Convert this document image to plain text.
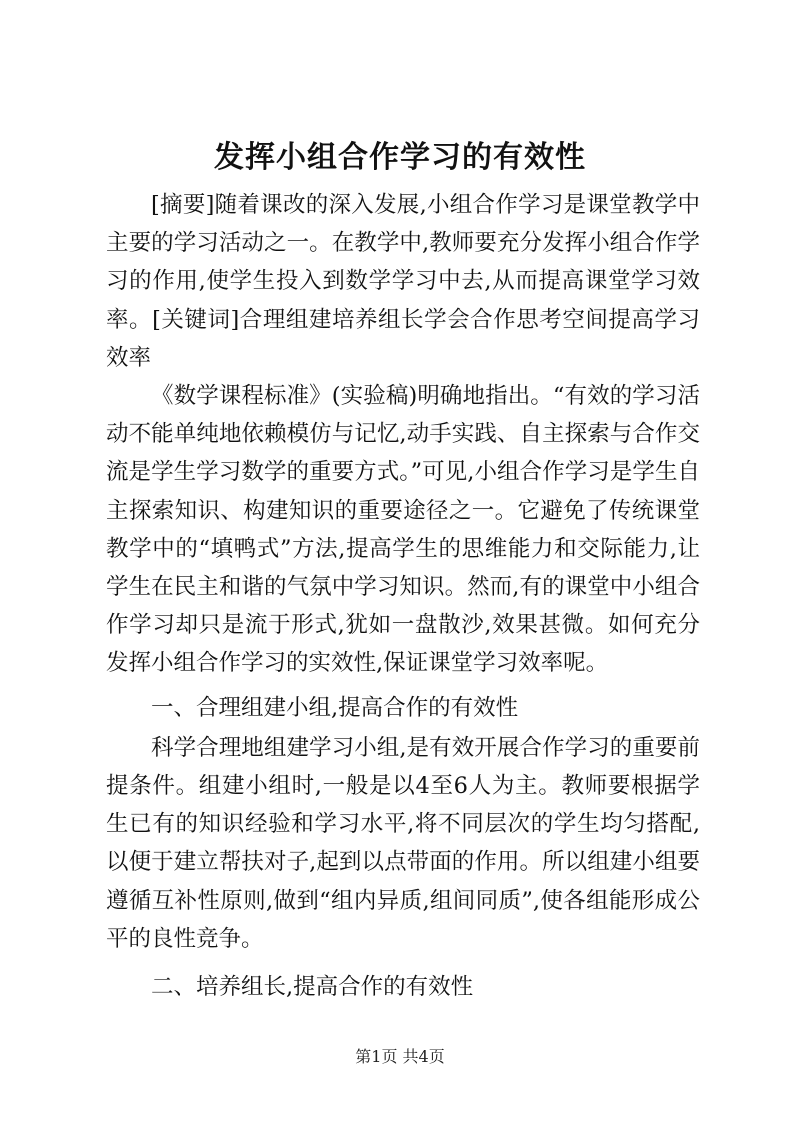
发挥小组合作学习的有效性

[摘要]随着课改的深入发展,小组合作学习是课堂教学中主要的学习活动之一。在教学中,教师要充分发挥小组合作学习的作用,使学生投入到数学学习中去,从而提高课堂学习效率。[关键词]合理组建培养组长学会合作思考空间提高学习效率

《数学课程标准》(实验稿)明确地指出。“有效的学习活动不能单纯地依赖模仿与记忆,动手实践、自主探索与合作交流是学生学习数学的重要方式。”可见,小组合作学习是学生自主探索知识、构建知识的重要途径之一。它避免了传统课堂教学中的“填鸭式”方法,提高学生的思维能力和交际能力,让学生在民主和谐的气氛中学习知识。然而,有的课堂中小组合作学习却只是流于形式,犹如一盘散沙,效果甚微。如何充分发挥小组合作学习的实效性,保证课堂学习效率呢。

一、合理组建小组,提高合作的有效性

科学合理地组建学习小组,是有效开展合作学习的重要前提条件。组建小组时,一般是以4至6人为主。教师要根据学生已有的知识经验和学习水平,将不同层次的学生均匀搭配,以便于建立帮扶对子,起到以点带面的作用。所以组建小组要遵循互补性原则,做到“组内异质,组间同质”,使各组能形成公平的良性竞争。

二、培养组长,提高合作的有效性

第1页 共4页
